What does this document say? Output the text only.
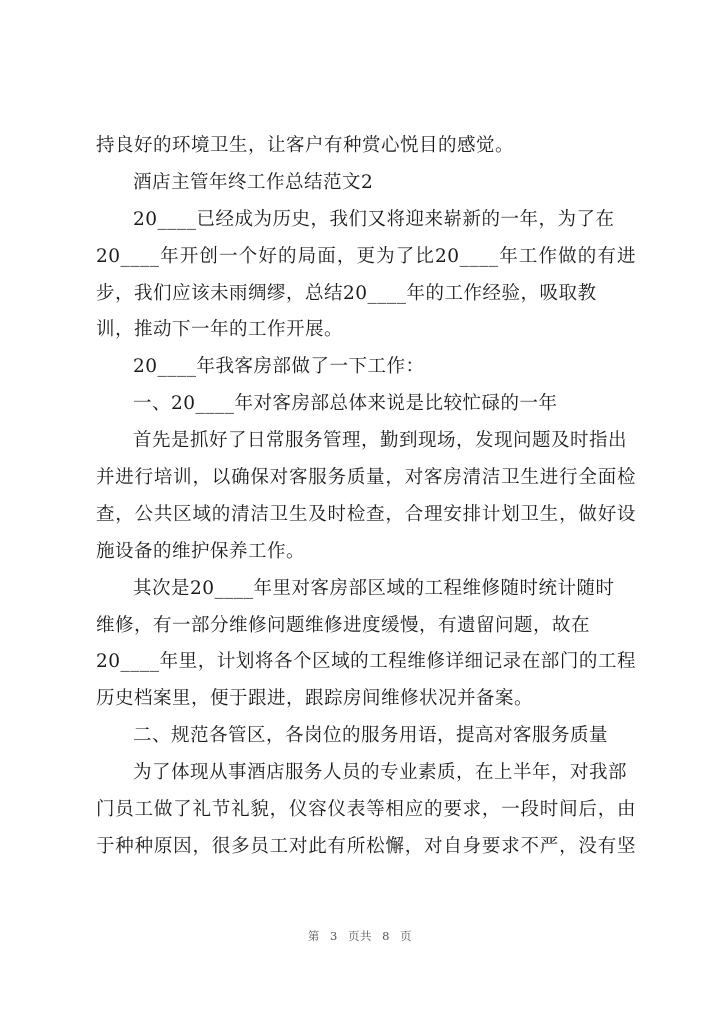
持良好的环境卫生，让客户有种赏心悦目的感觉。
酒店主管年终工作总结范文2
20____已经成为历史，我们又将迎来崭新的一年，为了在
20____年开创一个好的局面，更为了比20____年工作做的有进
步，我们应该未雨绸缪，总结20____年的工作经验，吸取教
训，推动下一年的工作开展。
20____年我客房部做了一下工作：
一、20____年对客房部总体来说是比较忙碌的一年
首先是抓好了日常服务管理，勤到现场，发现问题及时指出
并进行培训，以确保对客服务质量，对客房清洁卫生进行全面检
查，公共区域的清洁卫生及时检查，合理安排计划卫生，做好设
施设备的维护保养工作。
其次是20____年里对客房部区域的工程维修随时统计随时
维修，有一部分维修问题维修进度缓慢，有遗留问题，故在
20____年里，计划将各个区域的工程维修详细记录在部门的工程
历史档案里，便于跟进，跟踪房间维修状况并备案。
二、规范各管区，各岗位的服务用语，提高对客服务质量
为了体现从事酒店服务人员的专业素质，在上半年，对我部
门员工做了礼节礼貌，仪容仪表等相应的要求，一段时间后，由
于种种原因，很多员工对此有所松懈，对自身要求不严，没有坚
第 3 页共 8 页
